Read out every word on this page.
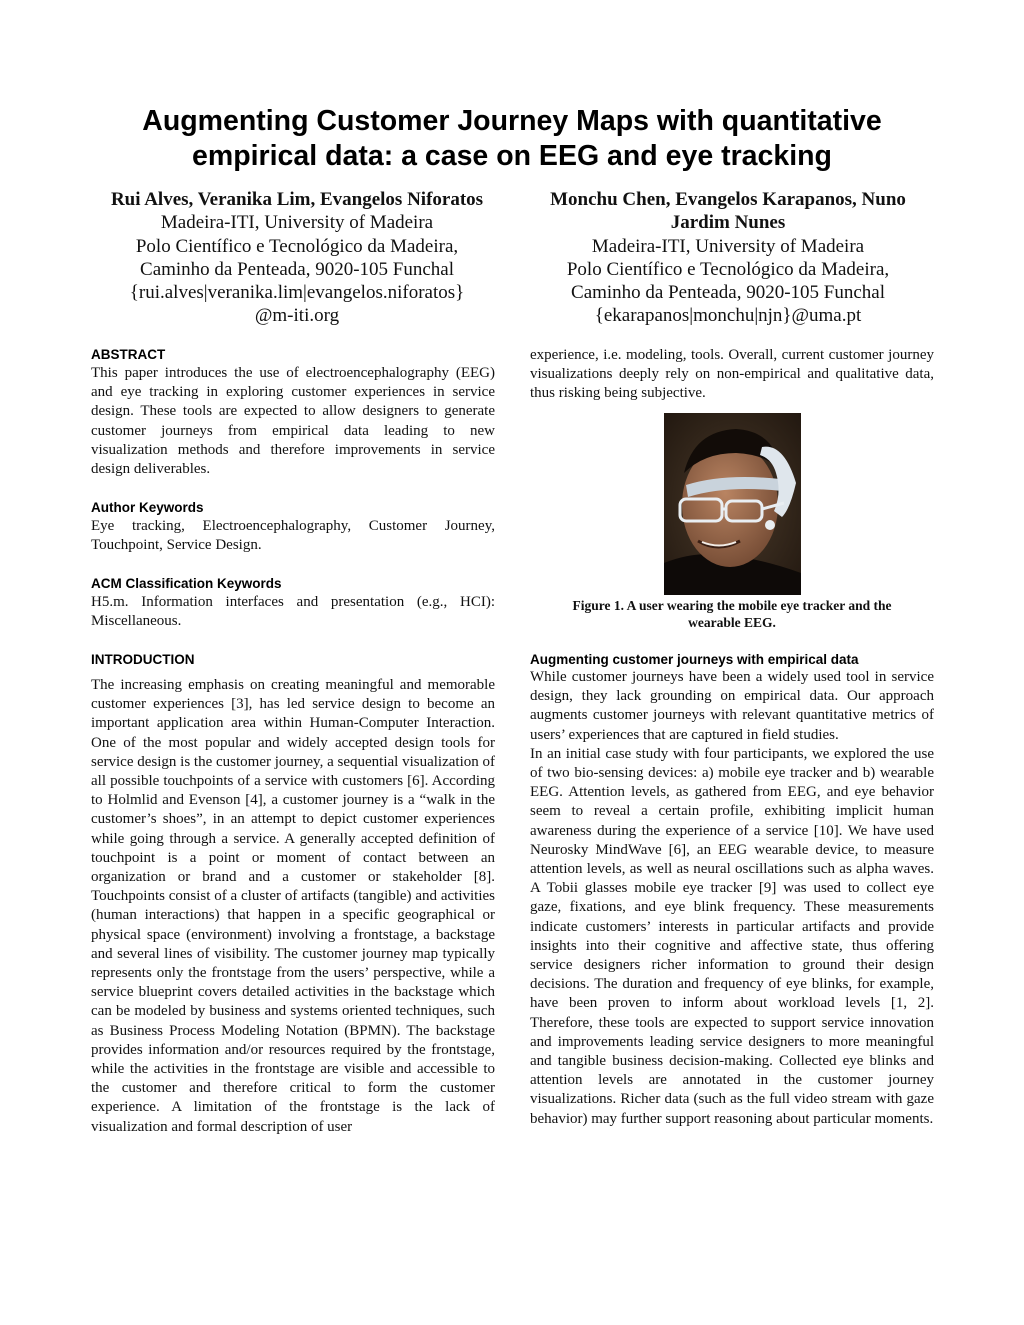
Augmenting Customer Journey Maps with quantitative
empirical data: a case on EEG and eye tracking
Rui Alves, Veranika Lim, Evangelos Niforatos
Madeira-ITI, University of Madeira
Polo Científico e Tecnológico da Madeira,
Caminho da Penteada, 9020-105 Funchal
{rui.alves|veranika.lim|evangelos.niforatos}
@m-iti.org
Monchu Chen, Evangelos Karapanos, Nuno
Jardim Nunes
Madeira-ITI, University of Madeira
Polo Científico e Tecnológico da Madeira,
Caminho da Penteada, 9020-105 Funchal
{ekarapanos|monchu|njn}@uma.pt
ABSTRACT

This paper introduces the use of electroencephalography (EEG) and eye tracking in exploring customer experiences in service design. These tools are expected to allow designers to generate customer journeys from empirical data leading to new visualization methods and therefore improvements in service design deliverables.

Author Keywords

Eye tracking, Electroencephalography, Customer Journey, Touchpoint, Service Design.

ACM Classification Keywords

H5.m. Information interfaces and presentation (e.g., HCI): Miscellaneous.

INTRODUCTION

The increasing emphasis on creating meaningful and memorable customer experiences [3], has led service design to become an important application area within Human-Computer Interaction. One of the most popular and widely accepted design tools for service design is the customer journey, a sequential visualization of all possible touchpoints of a service with customers [6]. According to Holmlid and Evenson [4], a customer journey is a “walk in the customer’s shoes”, in an attempt to depict customer experiences while going through a service. A generally accepted definition of touchpoint is a point or moment of contact between an organization or brand and a customer or stakeholder [8]. Touchpoints consist of a cluster of artifacts (tangible) and activities (human interactions) that happen in a specific geographical or physical space (environment) involving a frontstage, a backstage and several lines of visibility. The customer journey map typically represents only the frontstage from the users’ perspective, while a service blueprint covers detailed activities in the backstage which can be modeled by business and systems oriented techniques, such as Business Process Modeling Notation (BPMN). The backstage provides information and/or resources required by the frontstage, while the activities in the frontstage are visible and accessible to the customer and therefore critical to form the customer experience. A limitation of the frontstage is the lack of visualization and formal description of user

experience, i.e. modeling, tools. Overall, current customer journey visualizations deeply rely on non-empirical and qualitative data, thus risking being subjective.

Figure 1. A user wearing the mobile eye tracker and the
wearable EEG.
Augmenting customer journeys with empirical data

While customer journeys have been a widely used tool in service design, they lack grounding on empirical data. Our approach augments customer journeys with relevant quantitative metrics of users’ experiences that are captured in field studies.

In an initial case study with four participants, we explored the use of two bio-sensing devices: a) mobile eye tracker and b) wearable EEG. Attention levels, as gathered from EEG, and eye behavior seem to reveal a certain profile, exhibiting implicit human awareness during the experience of a service [10]. We have used Neurosky MindWave [6], an EEG wearable device, to measure attention levels, as well as neural oscillations such as alpha waves. A Tobii glasses mobile eye tracker [9] was used to collect eye gaze, fixations, and eye blink frequency. These measurements indicate customers’ interests in particular artifacts and provide insights into their cognitive and affective state, thus offering service designers richer information to ground their design decisions. The duration and frequency of eye blinks, for example, have been proven to inform about workload levels [1, 2]. Therefore, these tools are expected to support service innovation and improvements leading service designers to more meaningful and tangible business decision-making. Collected eye blinks and attention levels are annotated in the customer journey visualizations. Richer data (such as the full video stream with gaze behavior) may further support reasoning about particular moments.
